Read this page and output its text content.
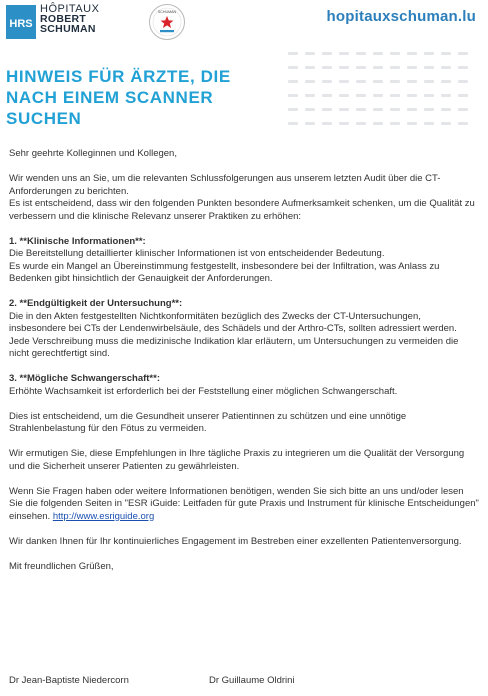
HRS
HÔPITAUX
ROBERT
SCHUMAN
SCHUMAN	hopitauxschuman.lu
HINWEIS FÜR ÄRZTE, DIE NACH EINEM SCANNER SUCHEN

Sehr geehrte Kolleginnen und Kollegen,

Wir wenden uns an Sie, um die relevanten Schlussfolgerungen aus unserem letzten Audit über die CT-Anforderungen zu berichten.
Es ist entscheidend, dass wir den folgenden Punkten besondere Aufmerksamkeit schenken, um die Qualität zu verbessern und die klinische Relevanz unserer Praktiken zu erhöhen:

1. **Klinische Informationen**:
Die Bereitstellung detaillierter klinischer Informationen ist von entscheidender Bedeutung.
Es wurde ein Mangel an Übereinstimmung festgestellt, insbesondere bei der Infiltration, was Anlass zu Bedenken gibt hinsichtlich der Genauigkeit der Anforderungen.

2. **Endgültigkeit der Untersuchung**:
Die in den Akten festgestellten Nichtkonformitäten bezüglich des Zwecks der CT-Untersuchungen, insbesondere bei CTs der Lendenwirbelsäule, des Schädels und der Arthro-CTs, sollten adressiert werden.
Jede Verschreibung muss die medizinische Indikation klar erläutern, um Untersuchungen zu vermeiden die nicht gerechtfertigt sind.

3. **Mögliche Schwangerschaft**:
Erhöhte Wachsamkeit ist erforderlich bei der Feststellung einer möglichen Schwangerschaft.

Dies ist entscheidend, um die Gesundheit unserer Patientinnen zu schützen und eine unnötige Strahlenbelastung für den Fötus zu vermeiden.

Wir ermutigen Sie, diese Empfehlungen in Ihre tägliche Praxis zu integrieren um die Qualität der Versorgung und die Sicherheit unserer Patienten zu gewährleisten.

Wenn Sie Fragen haben oder weitere Informationen benötigen, wenden Sie sich bitte an uns und/oder lesen Sie die folgenden Seiten in "ESR iGuide: Leitfaden für gute Praxis und Instrument für klinische Entscheidungen" einsehen. http://www.esriguide.org

Wir danken Ihnen für Ihr kontinuierliches Engagement im Bestreben einer exzellenten Patientenversorgung.

Mit freundlichen Grüßen,

Dr Jean-Baptiste Niedercorn	Dr Guillaume Oldrini
